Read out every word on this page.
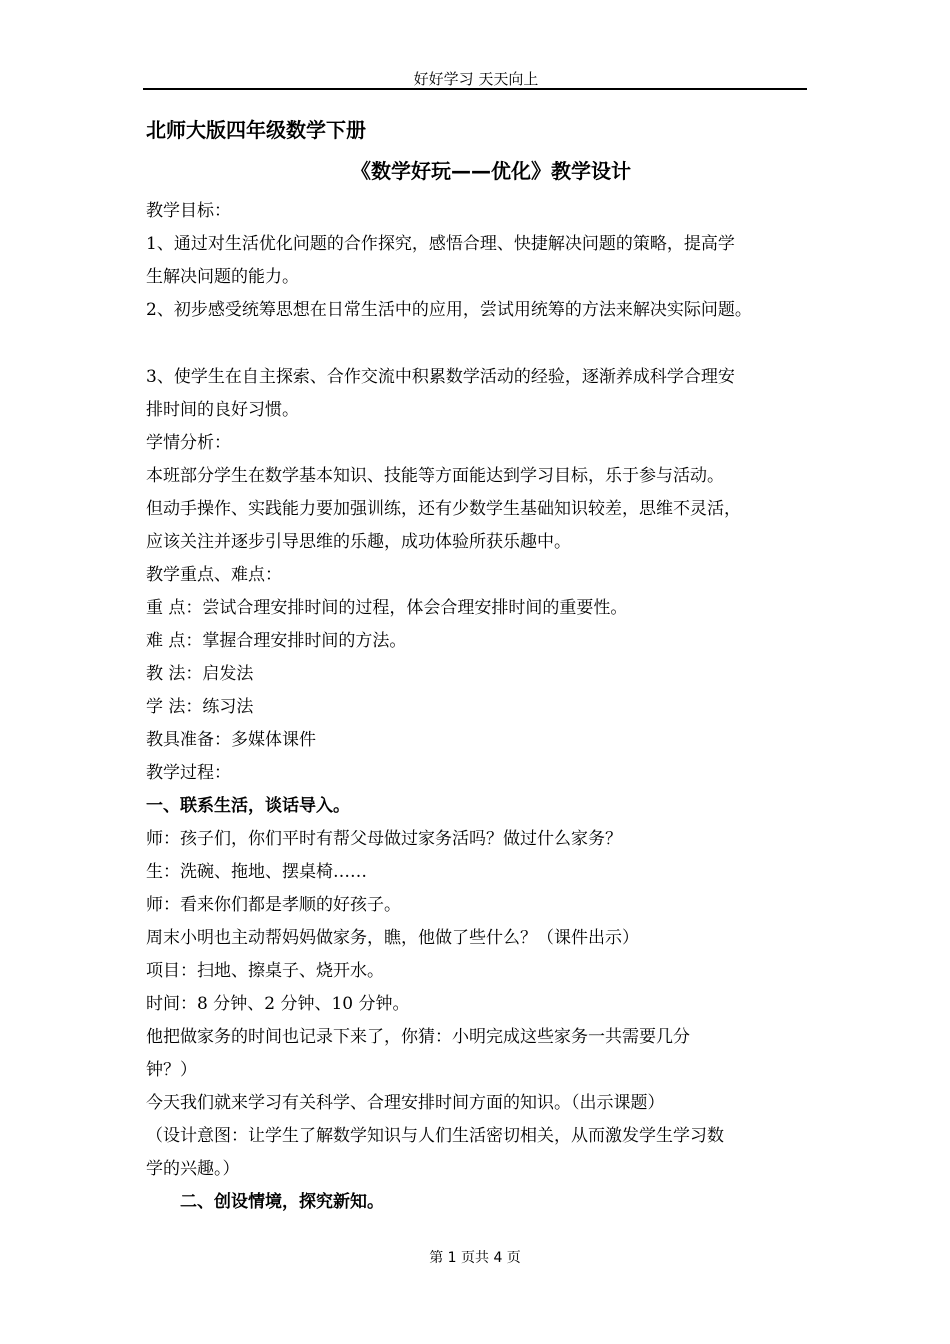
好好学习 天天向上
北师大版四年级数学下册
《数学好玩——优化》教学设计
教学目标：
1、通过对生活优化问题的合作探究，感悟合理、快捷解决问题的策略，提高学
生解决问题的能力。
2、初步感受统筹思想在日常生活中的应用，尝试用统筹的方法来解决实际问题。
3、使学生在自主探索、合作交流中积累数学活动的经验，逐渐养成科学合理安
排时间的良好习惯。
学情分析：
本班部分学生在数学基本知识、技能等方面能达到学习目标，乐于参与活动。
但动手操作、实践能力要加强训练，还有少数学生基础知识较差，思维不灵活，
应该关注并逐步引导思维的乐趣，成功体验所获乐趣中。
教学重点、难点：
重 点：尝试合理安排时间的过程，体会合理安排时间的重要性。
难 点：掌握合理安排时间的方法。
教 法：启发法
学 法：练习法
教具准备：多媒体课件
教学过程：
一、联系生活，谈话导入。
师：孩子们，你们平时有帮父母做过家务活吗？做过什么家务？
生：洗碗、拖地、摆桌椅……
师：看来你们都是孝顺的好孩子。
周末小明也主动帮妈妈做家务，瞧，他做了些什么？（课件出示）
项目：扫地、擦桌子、烧开水。
时间：8 分钟、2 分钟、10 分钟。
他把做家务的时间也记录下来了，你猜：小明完成这些家务一共需要几分
钟？）
今天我们就来学习有关科学、合理安排时间方面的知识。（出示课题）
（设计意图：让学生了解数学知识与人们生活密切相关，从而激发学生学习数
学的兴趣。）
二、创设情境，探究新知。
第 1 页共 4 页
